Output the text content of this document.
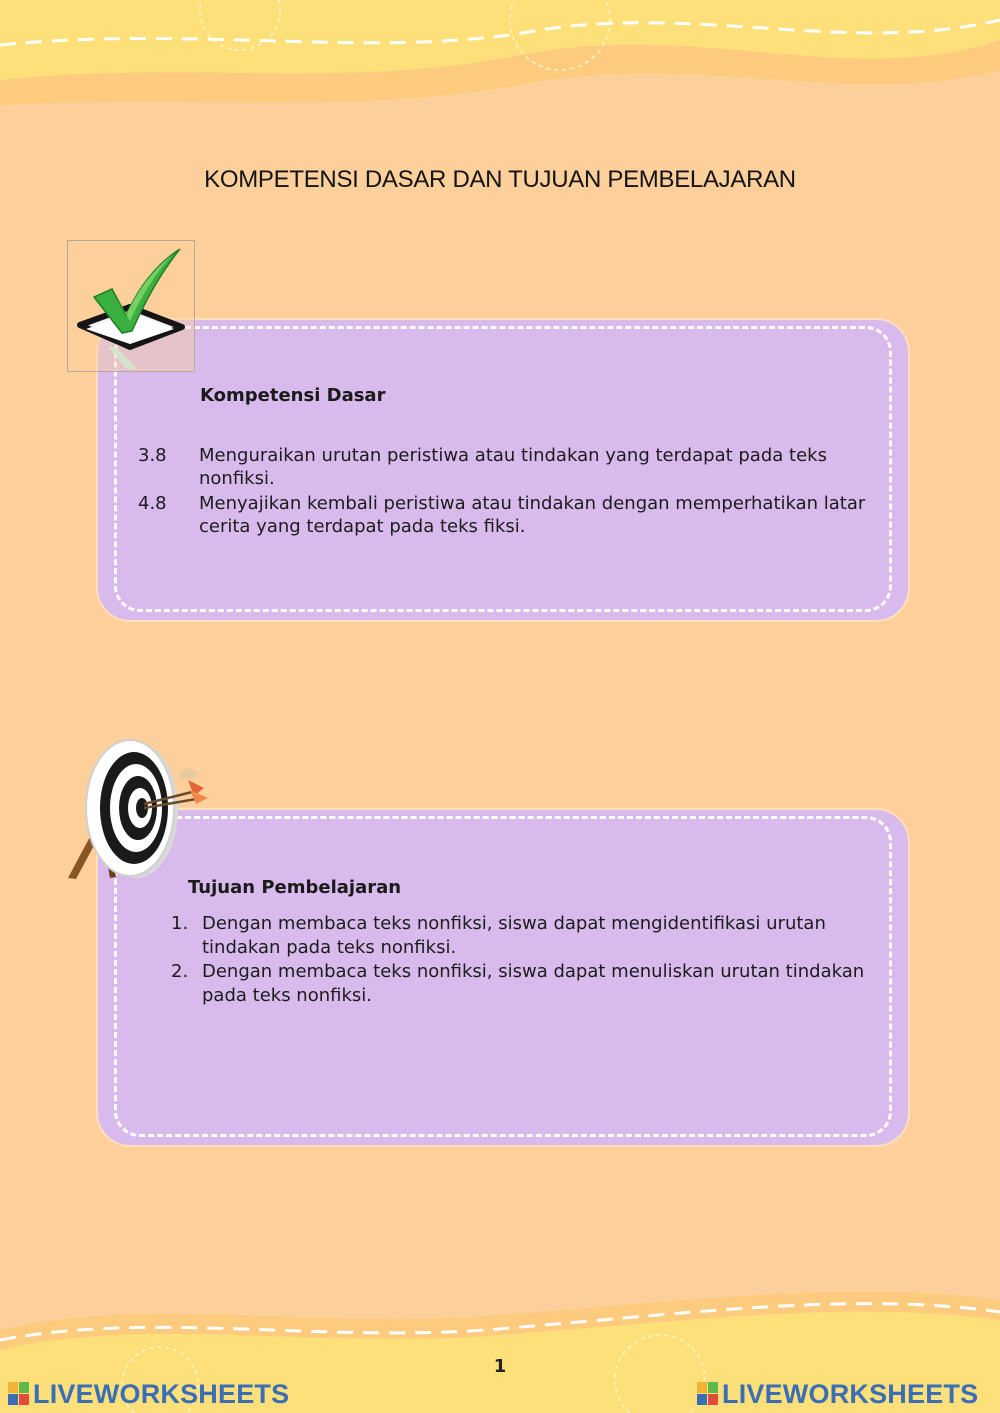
KOMPETENSI DASAR DAN TUJUAN PEMBELAJARAN
Kompetensi Dasar
3.8 Menguraikan urutan peristiwa atau tindakan yang terdapat pada teks nonfiksi.
4.8 Menyajikan kembali peristiwa atau tindakan dengan memperhatikan latar cerita yang terdapat pada teks fiksi.
Tujuan Pembelajaran
1. Dengan membaca teks nonfiksi, siswa dapat mengidentifikasi urutan tindakan pada teks nonfiksi.
2. Dengan membaca teks nonfiksi, siswa dapat menuliskan urutan tindakan pada teks nonfiksi.
1
LIVEWORKSHEETS	LIVEWORKSHEETS
